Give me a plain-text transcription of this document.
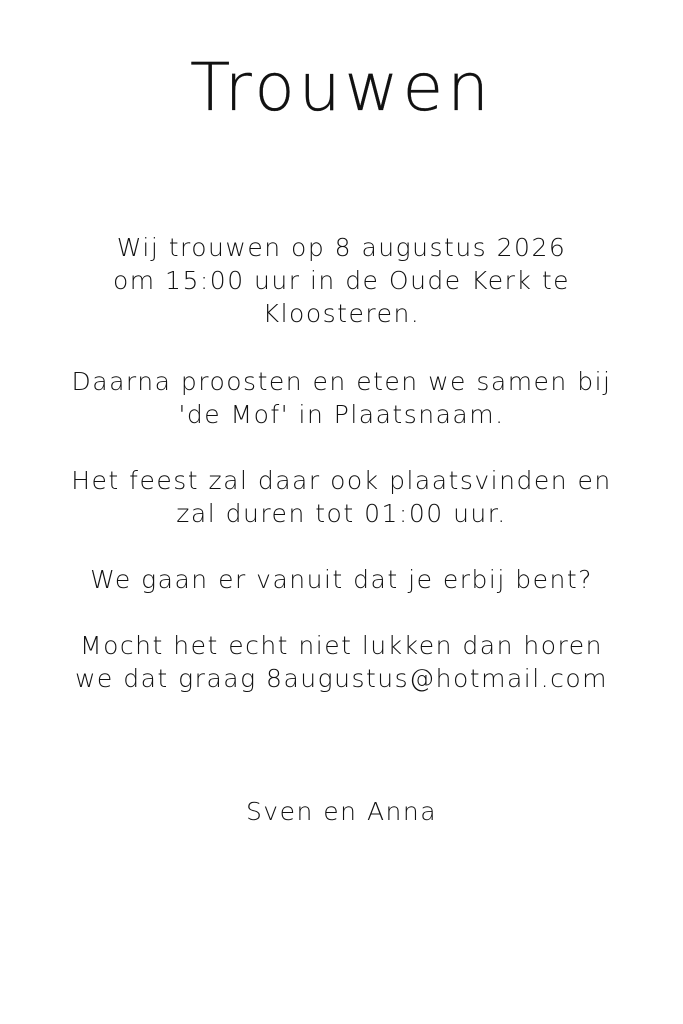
Trouwen
Wij trouwen op 8 augustus 2026
om 15:00 uur in de Oude Kerk te
Kloosteren.
Daarna proosten en eten we samen bij
'de Mof' in Plaatsnaam.
Het feest zal daar ook plaatsvinden en
zal duren tot 01:00 uur.
We gaan er vanuit dat je erbij bent?
Mocht het echt niet lukken dan horen
we dat graag 8augustus@hotmail.com
Sven en Anna
